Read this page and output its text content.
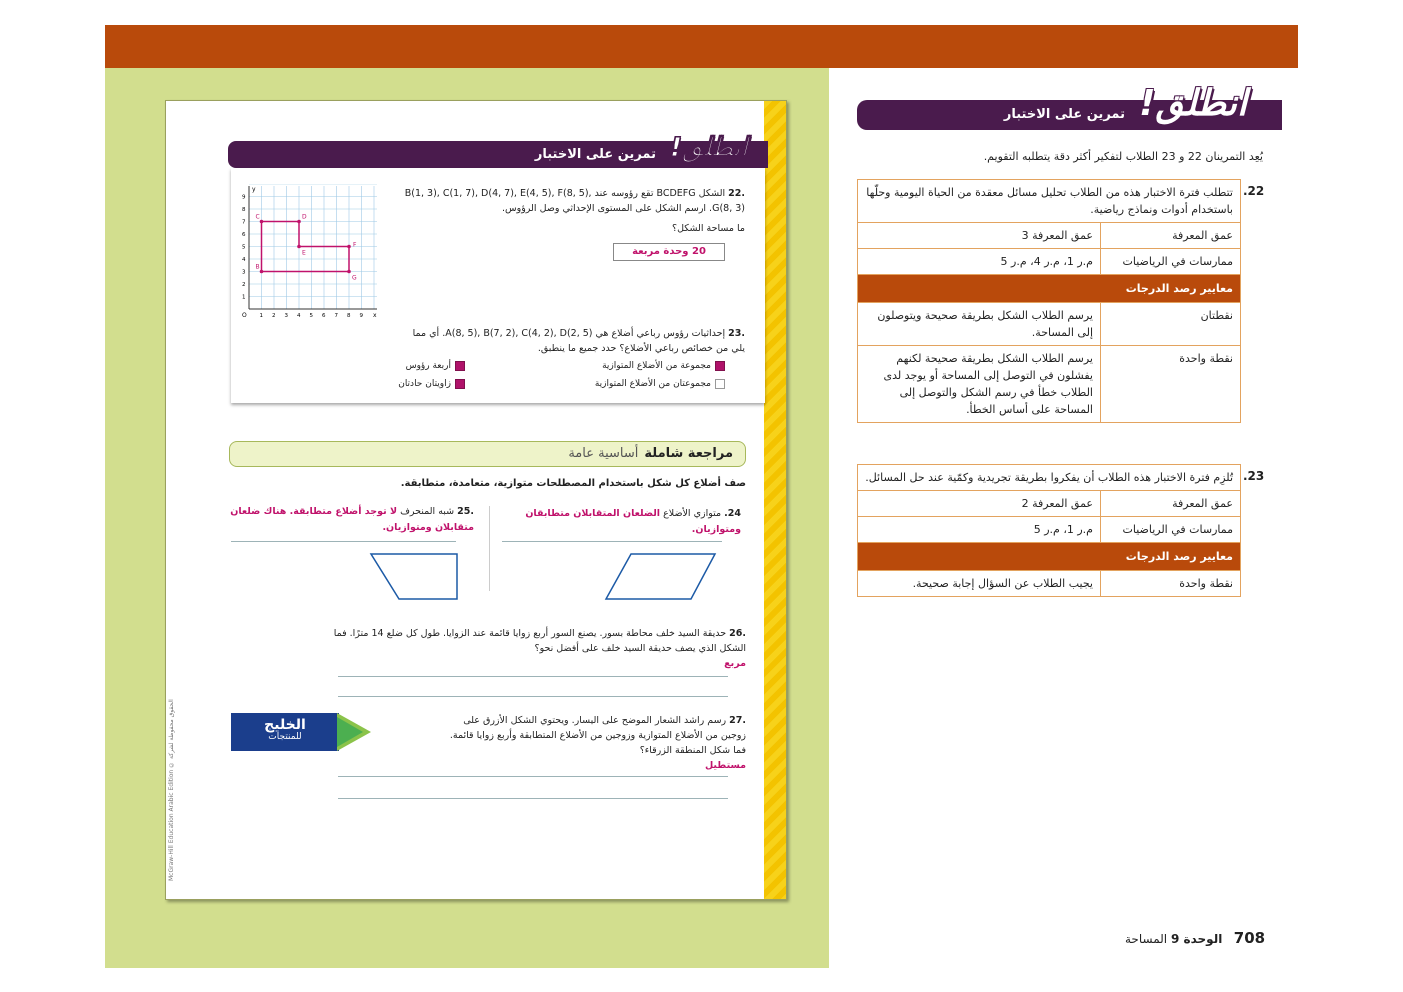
McGraw-Hill Education Arabic Edition © الحقوق محفوظة لشركة
تمرين على الاختبار انطلق!
O	x
y
1 2 3 4 5 6 7 8 9
1
2
3
4
5
6
7
8
9
B
C	D
E
F
G
.22 الشكل BCDEFG تقع رؤوسه عند B(1, 3), C(1, 7), D(4, 7), E(4, 5), F(8, 5), G(8, 3). ارسم الشكل على المستوى الإحداثي وصل الرؤوس.
ما مساحة الشكل؟
20 وحدة مربعة
.23 إحداثيات رؤوس رباعي أضلاع هي A(8, 5), B(7, 2), C(4, 2), D(2, 5). أي مما يلي من خصائص رباعي الأضلاع؟ حدد جميع ما ينطبق.
مجموعة من الأضلاع المتوازية
أربعة رؤوس
مجموعتان من الأضلاع المتوازية
زاويتان حادتان
مراجعة شاملةأساسية عامة
صف أضلاع كل شكل باستخدام المصطلحات متوازية، متعامدة، متطابقة.
24. متوازي الأضلاع الضلعان المتقابلان متطابقان ومتوازيان.
.25 شبه المنحرف لا توجد أضلاع متطابقة. هناك ضلعان متقابلان ومتوازيان.
.26 حديقة السيد خلف محاطة بسور. يصنع السور أربع زوايا قائمة عند الزوايا. طول كل ضلع 14 مترًا. فما الشكل الذي يصف حديقة السيد خلف على أفضل نحو؟
مربع
.27 رسم راشد الشعار الموضح على اليسار. ويحتوي الشكل الأزرق على زوجين من الأضلاع المتوازية وزوجين من الأضلاع المتطابقة وأربع زوايا قائمة. فما شكل المنطقة الزرقاء؟
مستطيل
الخليج
للمنتجات
تمرين على الاختبار انطلق!
يُعِد التمرينان 22 و 23 الطلاب لتفكير أكثر دقة يتطلبه التقويم.
.22
تتطلب فترة الاختبار هذه من الطلاب تحليل مسائل معقدة من الحياة اليومية وحلّها باستخدام أدوات ونماذج رياضية.	
عمق المعرفة	عمق المعرفة 3
ممارسات في الرياضيات	م.ر 1، م.ر 4، م.ر 5
معايير رصد الدرجات	
نقطتان	يرسم الطلاب الشكل بطريقة صحيحة ويتوصلون إلى المساحة.
نقطة واحدة	يرسم الطلاب الشكل بطريقة صحيحة لكنهم يفشلون في التوصل إلى المساحة أو يوجد لدى الطلاب خطأ في رسم الشكل والتوصل إلى المساحة على أساس الخطأ.
.23
تُلزِم فترة الاختبار هذه الطلاب أن يفكروا بطريقة تجريدية وكمّية عند حل المسائل.	
عمق المعرفة	عمق المعرفة 2
ممارسات في الرياضيات	م.ر 1، م.ر 5
معايير رصد الدرجات	
نقطة واحدة	يجيب الطلاب عن السؤال إجابة صحيحة.
708   الوحدة 9 المساحة
